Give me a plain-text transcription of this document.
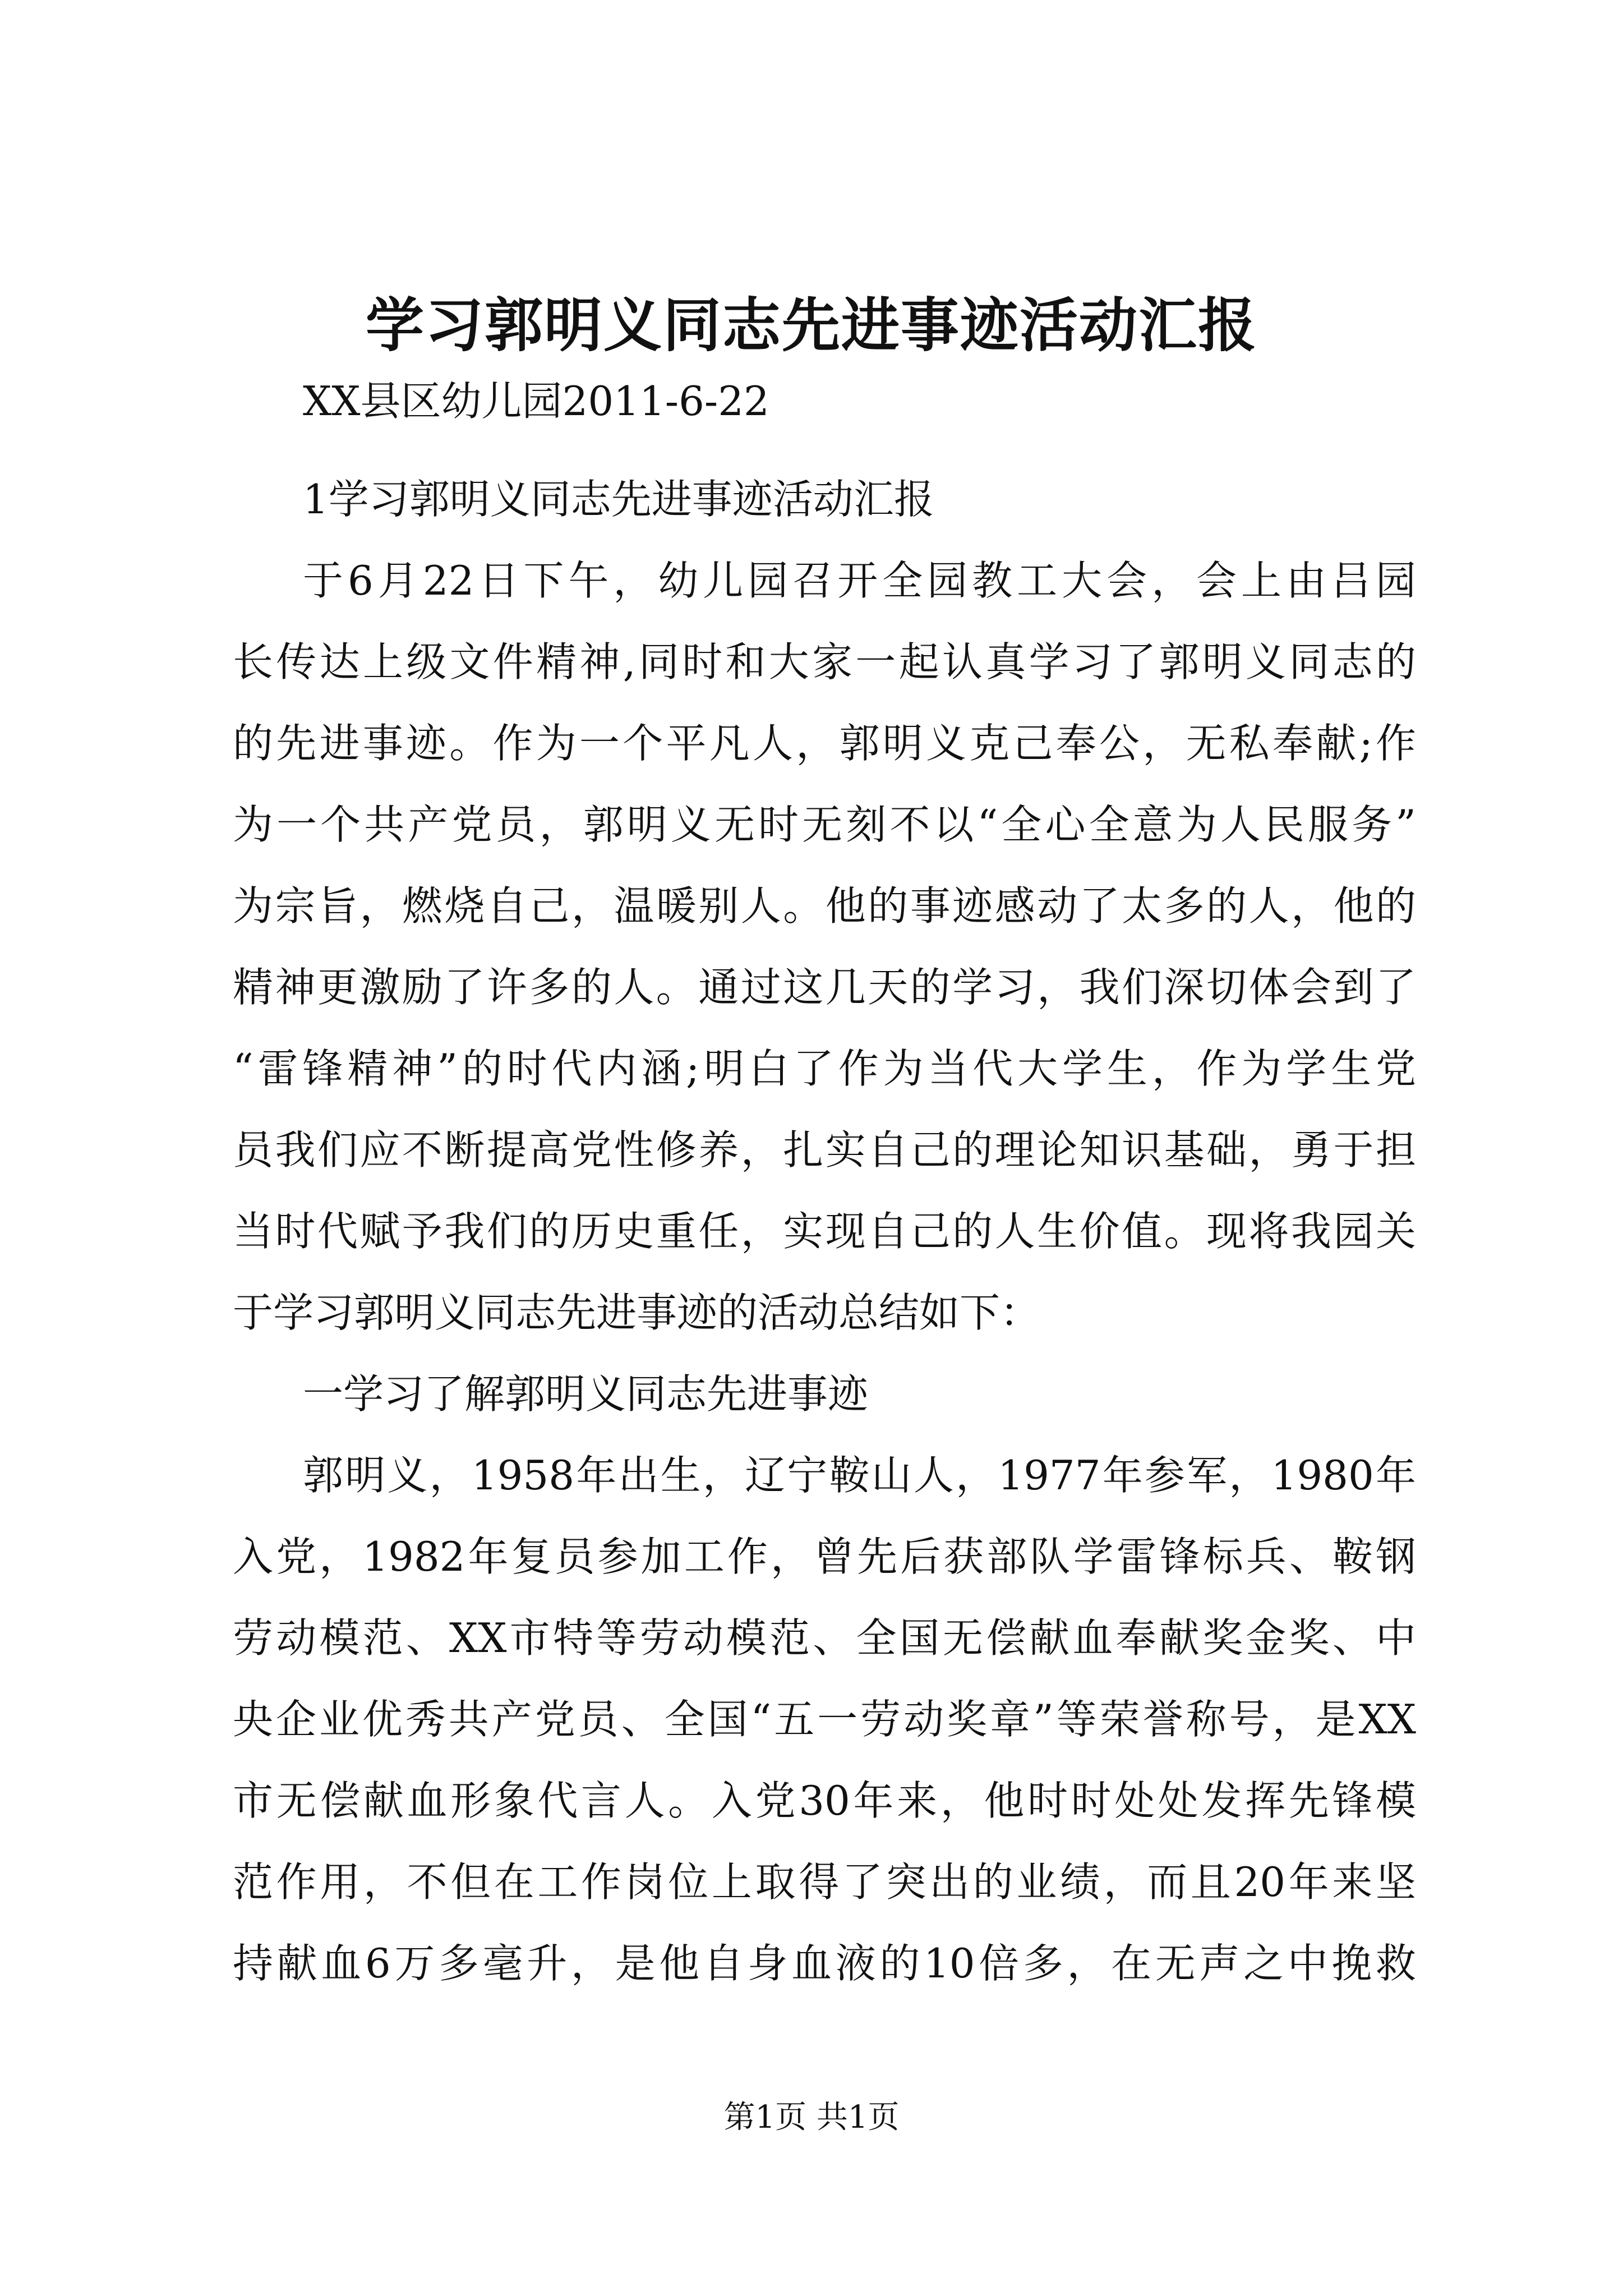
学习郭明义同志先进事迹活动汇报
XX县区幼儿园2011-6-22
1学习郭明义同志先进事迹活动汇报
于6月22日下午，幼儿园召开全园教工大会，会上由吕园
长传达上级文件精神,同时和大家一起认真学习了郭明义同志的
的先进事迹。作为一个平凡人，郭明义克己奉公，无私奉献;作
为一个共产党员，郭明义无时无刻不以“全心全意为人民服务”
为宗旨，燃烧自己，温暖别人。他的事迹感动了太多的人，他的
精神更激励了许多的人。通过这几天的学习，我们深切体会到了
“雷锋精神”的时代内涵;明白了作为当代大学生，作为学生党
员我们应不断提高党性修养，扎实自己的理论知识基础，勇于担
当时代赋予我们的历史重任，实现自己的人生价值。现将我园关
于学习郭明义同志先进事迹的活动总结如下：
一学习了解郭明义同志先进事迹
郭明义，1958年出生，辽宁鞍山人，1977年参军，1980年
入党，1982年复员参加工作，曾先后获部队学雷锋标兵、鞍钢
劳动模范、XX市特等劳动模范、全国无偿献血奉献奖金奖、中
央企业优秀共产党员、全国“五一劳动奖章”等荣誉称号，是XX
市无偿献血形象代言人。入党30年来，他时时处处发挥先锋模
范作用，不但在工作岗位上取得了突出的业绩，而且20年来坚
持献血6万多毫升，是他自身血液的10倍多，在无声之中挽救
第1页 共1页
